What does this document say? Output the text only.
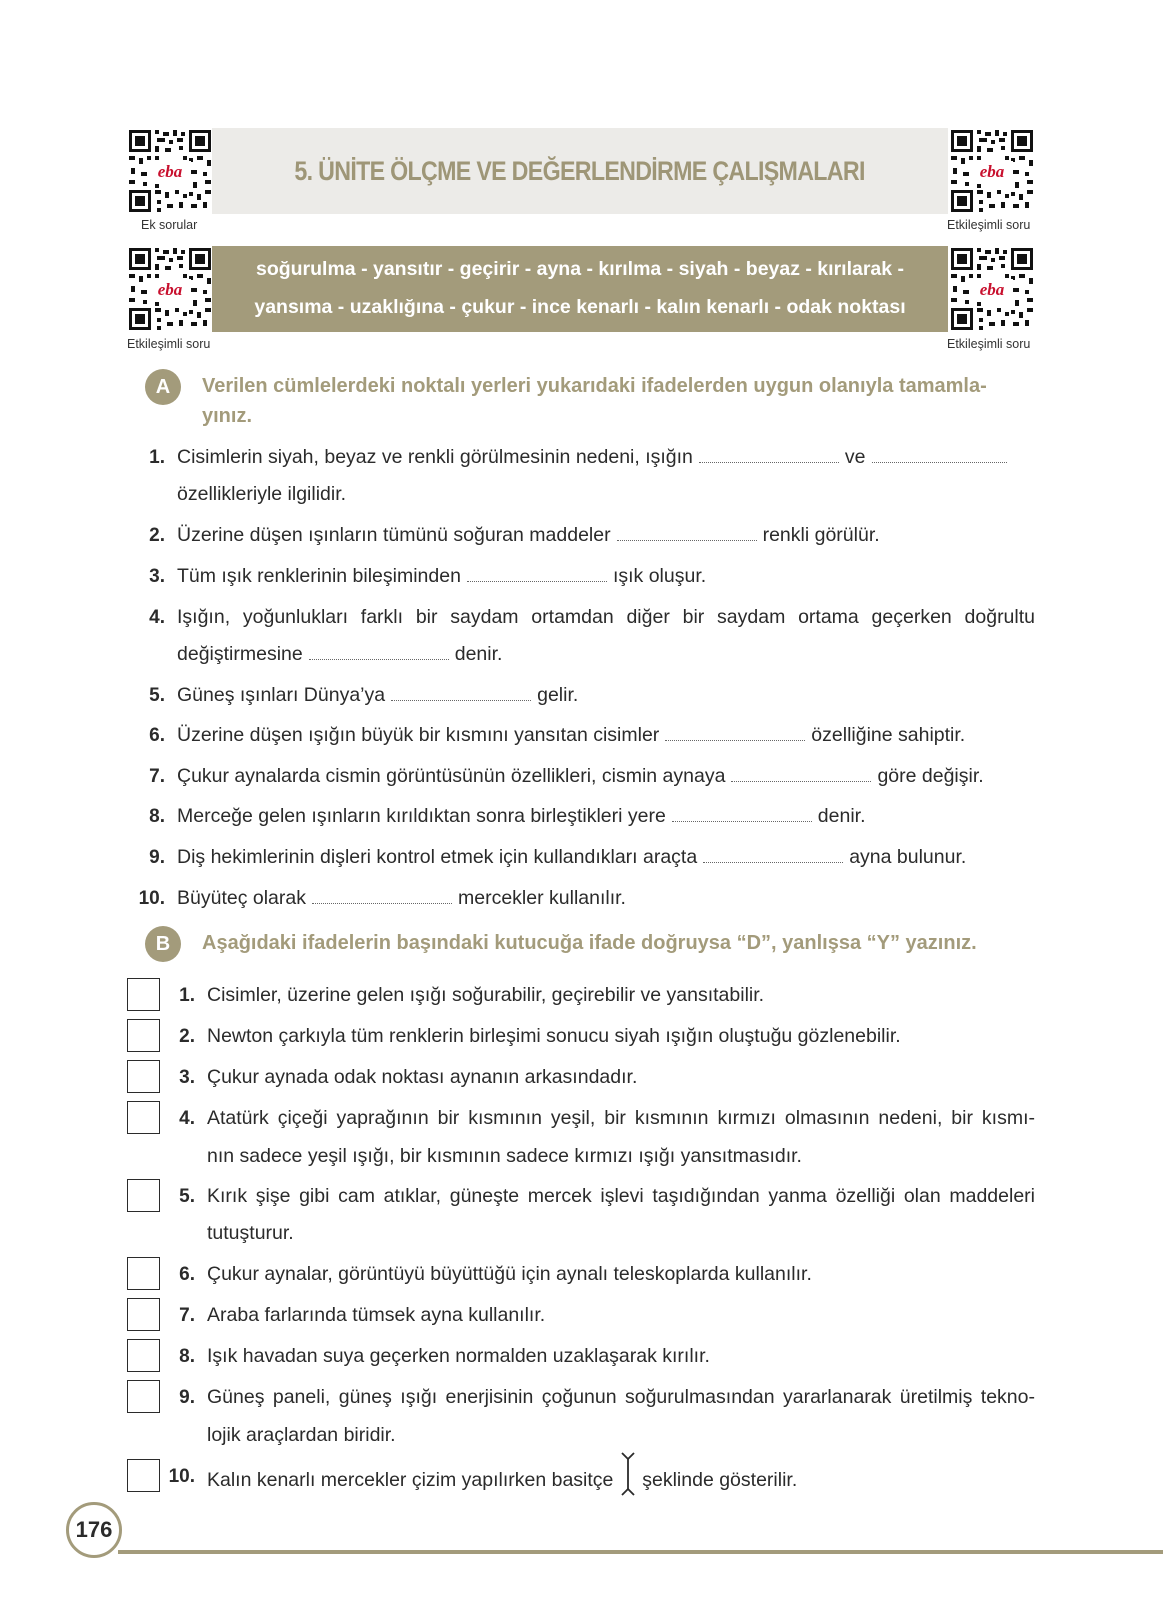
eba
Ek sorular
eba
Etkileşimli soru
eba
Etkileşimli soru
eba
Etkileşimli soru
5. ÜNİTE ÖLÇME VE DEĞERLENDİRME ÇALIŞMALARI
soğurulma - yansıtır - geçirir - ayna - kırılma - siyah - beyaz - kırılarak -
yansıma - uzaklığına - çukur - ince kenarlı - kalın kenarlı - odak noktası
A	Verilen cümlelerdeki noktalı yerleri yukarıdaki ifadelerden uygun olanıyla tamamla-
yınız.
1. Cisimlerin siyah, beyaz ve renkli görülmesinin nedeni, ışığın	ve
özellikleriyle ilgilidir.
2. Üzerine düşen ışınların tümünü soğuran maddeler	renkli görülür.
3. Tüm ışık renklerinin bileşiminden	ışık oluşur.
4. Işığın, yoğunlukları farklı bir saydam ortamdan diğer bir saydam ortama geçerken doğrultu
değiştirmesine	denir.
5. Güneş ışınları Dünya’ya	gelir.
6. Üzerine düşen ışığın büyük bir kısmını yansıtan cisimler	özelliğine sahiptir.
7. Çukur aynalarda cismin görüntüsünün özellikleri, cismin aynaya	göre değişir.
8. Merceğe gelen ışınların kırıldıktan sonra birleştikleri yere	denir.
9. Diş hekimlerinin dişleri kontrol etmek için kullandıkları araçta	ayna bulunur.
10. Büyüteç olarak	mercekler kullanılır.
B	Aşağıdaki ifadelerin başındaki kutucuğa ifade doğruysa “D”, yanlışsa “Y” yazınız.
1. Cisimler, üzerine gelen ışığı soğurabilir, geçirebilir ve yansıtabilir.
2. Newton çarkıyla tüm renklerin birleşimi sonucu siyah ışığın oluştuğu gözlenebilir.
3. Çukur aynada odak noktası aynanın arkasındadır.
4. Atatürk çiçeği yaprağının bir kısmının yeşil, bir kısmının kırmızı olmasının nedeni, bir kısmı-
nın sadece yeşil ışığı, bir kısmının sadece kırmızı ışığı yansıtmasıdır.
5. Kırık şişe gibi cam atıklar, güneşte mercek işlevi taşıdığından yanma özelliği olan maddeleri
tutuşturur.
6. Çukur aynalar, görüntüyü büyüttüğü için aynalı teleskoplarda kullanılır.
7. Araba farlarında tümsek ayna kullanılır.
8. Işık havadan suya geçerken normalden uzaklaşarak kırılır.
9. Güneş paneli, güneş ışığı enerjisinin çoğunun soğurulmasından yararlanarak üretilmiş tekno-
lojik araçlardan biridir.
10. Kalın kenarlı mercekler çizim yapılırken basitçe şeklinde gösterilir.
176
